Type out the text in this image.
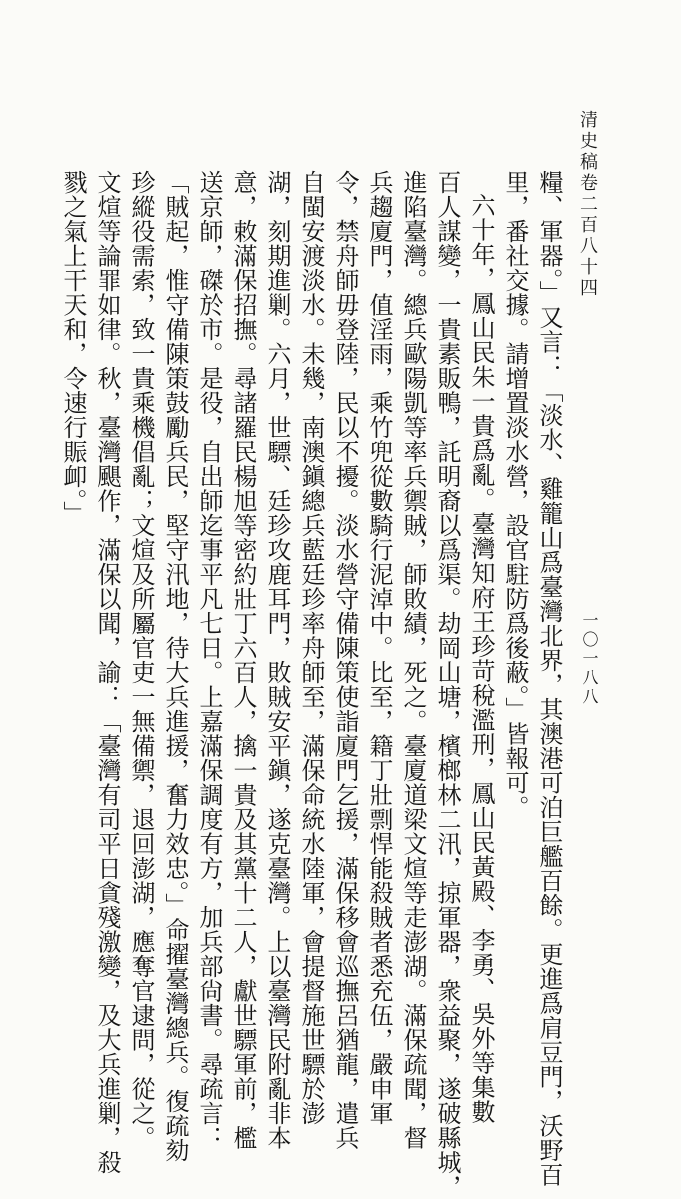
清史稿卷二百八十四
糧、軍器。」又言：「淡水、雞籠山爲臺灣北界，其澳港可泊巨艦百餘。更進爲肩豆門，沃野百
里，番社交據。請增置淡水營，設官駐防爲後蔽。」皆報可。
六十年，鳳山民朱一貴爲亂。臺灣知府王珍苛稅濫刑，鳳山民黃殿、李勇、吳外等集數
百人謀變，一貴素販鴨，託明裔以爲渠。劫岡山塘，檳榔林二汛，掠軍器，衆益聚，遂破縣城，
進陷臺灣。總兵歐陽凱等率兵禦賊，師敗績，死之。臺廈道梁文煊等走澎湖。滿保疏聞，督
兵趨廈門，值淫雨，乘竹兜從數騎行泥淖中。比至，籍丁壯剽悍能殺賊者悉充伍，嚴申軍
令，禁舟師毋登陸，民以不擾。淡水營守備陳策使詣廈門乞援，滿保移會巡撫呂猶龍，遣兵
自閩安渡淡水。未幾，南澳鎭總兵藍廷珍率舟師至，滿保命統水陸軍，會提督施世驃於澎
湖，刻期進剿。六月，世驃、廷珍攻鹿耳門，敗賊安平鎭，遂克臺灣。上以臺灣民附亂非本
意，敕滿保招撫。尋諸羅民楊旭等密約壯丁六百人，擒一貴及其黨十二人，獻世驃軍前，檻
送京師，磔於市。是役，自出師迄事平凡七日。上嘉滿保調度有方，加兵部尙書。尋疏言：
「賊起，惟守備陳策鼓勵兵民，堅守汛地，待大兵進援，奮力效忠。」命擢臺灣總兵。復疏劾
珍縱役需索，致一貴乘機倡亂；文煊及所屬官吏一無備禦，退回澎湖，應奪官逮問，從之。
文煊等論罪如律。秋，臺灣颶作，滿保以聞，諭：「臺灣有司平日貪殘激變，及大兵進剿，殺
戮之氣上干天和，令速行賑卹。」
一〇一八八
